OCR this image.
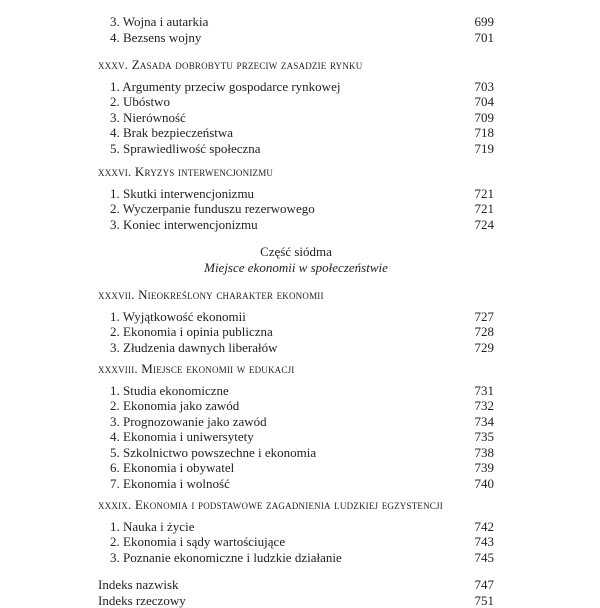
3. Wojna i autarkia	699
4. Bezsens wojny	701
xxxv. Zasada dobrobytu przeciw zasadzie rynku
1. Argumenty przeciw gospodarce rynkowej	703
2. Ubóstwo	704
3. Nierówność	709
4. Brak bezpieczeństwa	718
5. Sprawiedliwość społeczna	719
xxxvi. Kryzys interwencjonizmu
1. Skutki interwencjonizmu	721
2. Wyczerpanie funduszu rezerwowego	721
3. Koniec interwencjonizmu	724
Część siódma
Miejsce ekonomii w społeczeństwie
xxxvii. Nieokreślony charakter ekonomii
1. Wyjątkowość ekonomii	727
2. Ekonomia i opinia publiczna	728
3. Złudzenia dawnych liberałów	729
xxxviii. Miejsce ekonomii w edukacji
1. Studia ekonomiczne	731
2. Ekonomia jako zawód	732
3. Prognozowanie jako zawód	734
4. Ekonomia i uniwersytety	735
5. Szkolnictwo powszechne i ekonomia	738
6. Ekonomia i obywatel	739
7. Ekonomia i wolność	740
xxxix. Ekonomia i podstawowe zagadnienia ludzkiej egzystencji
1. Nauka i życie	742
2. Ekonomia i sądy wartościujące	743
3. Poznanie ekonomiczne i ludzkie działanie	745
Indeks nazwisk	747
Indeks rzeczowy	751
